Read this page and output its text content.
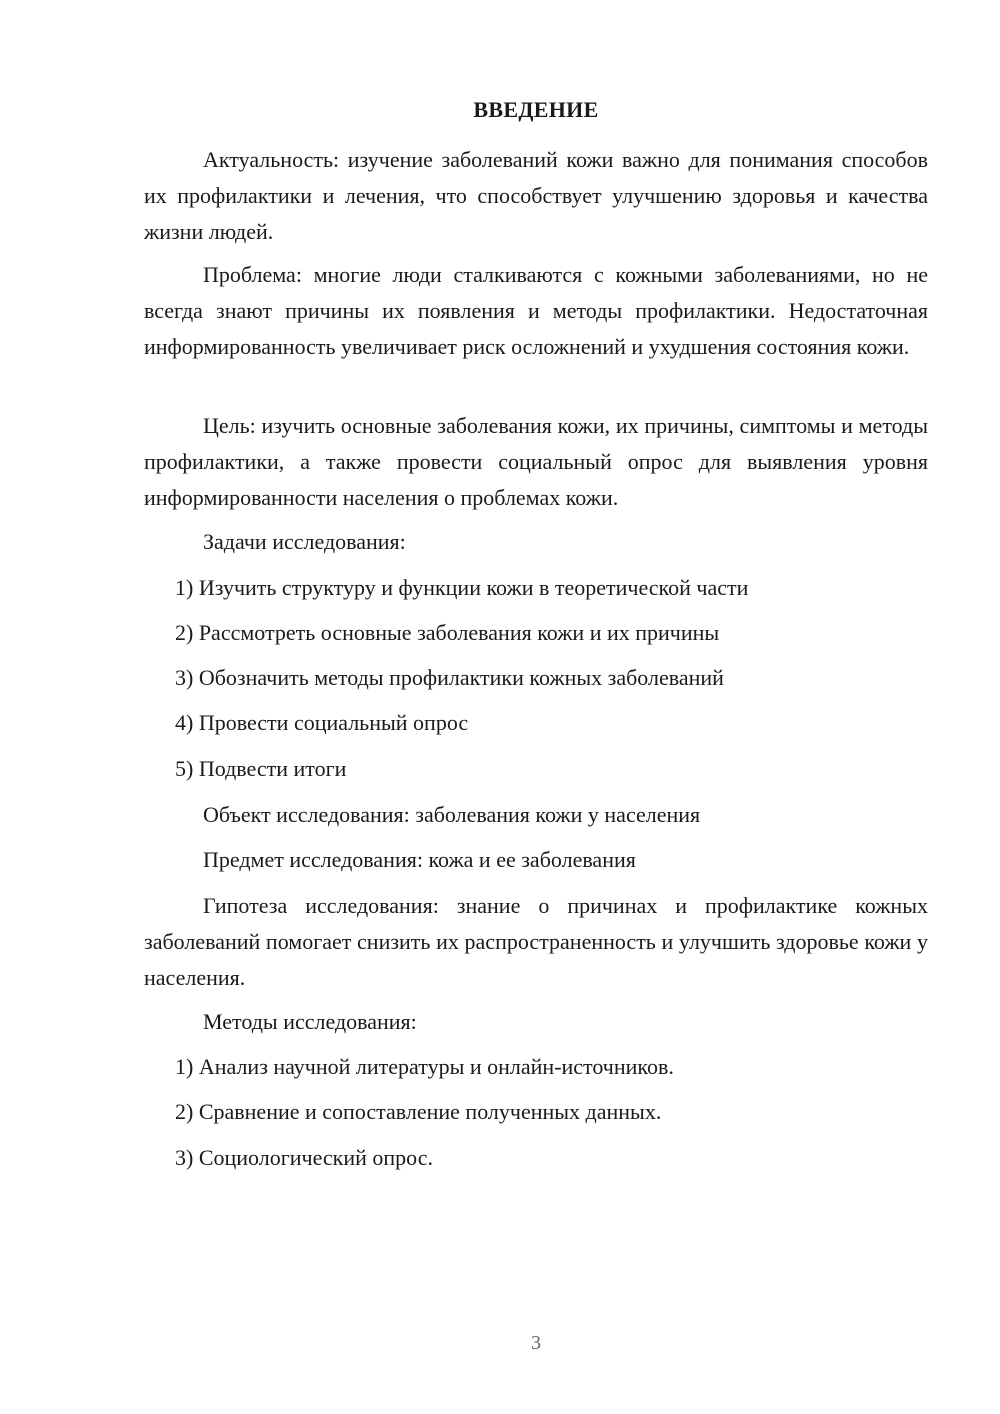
ВВЕДЕНИЕ

Актуальность: изучение заболеваний кожи важно для понимания способов их профилактики и лечения, что способствует улучшению здоровья и качества жизни людей.

Проблема: многие люди сталкиваются с кожными заболеваниями, но не всегда знают причины их появления и методы профилактики. Недостаточная информированность увеличивает риск осложнений и ухудшения состояния кожи.

Цель: изучить основные заболевания кожи, их причины, симптомы и методы профилактики, а также провести социальный опрос для выявления уровня информированности населения о проблемах кожи.

Задачи исследования:

1) Изучить структуру и функции кожи в теоретической части

2) Рассмотреть основные заболевания кожи и их причины

3) Обозначить методы профилактики кожных заболеваний

4) Провести социальный опрос

5) Подвести итоги

Объект исследования: заболевания кожи у населения

Предмет исследования: кожа и ее заболевания

Гипотеза исследования: знание о причинах и профилактике кожных заболеваний помогает снизить их распространенность и улучшить здоровье кожи у населения.

Методы исследования:

1) Анализ научной литературы и онлайн-источников.

2) Сравнение и сопоставление полученных данных.

3) Социологический опрос.

3
